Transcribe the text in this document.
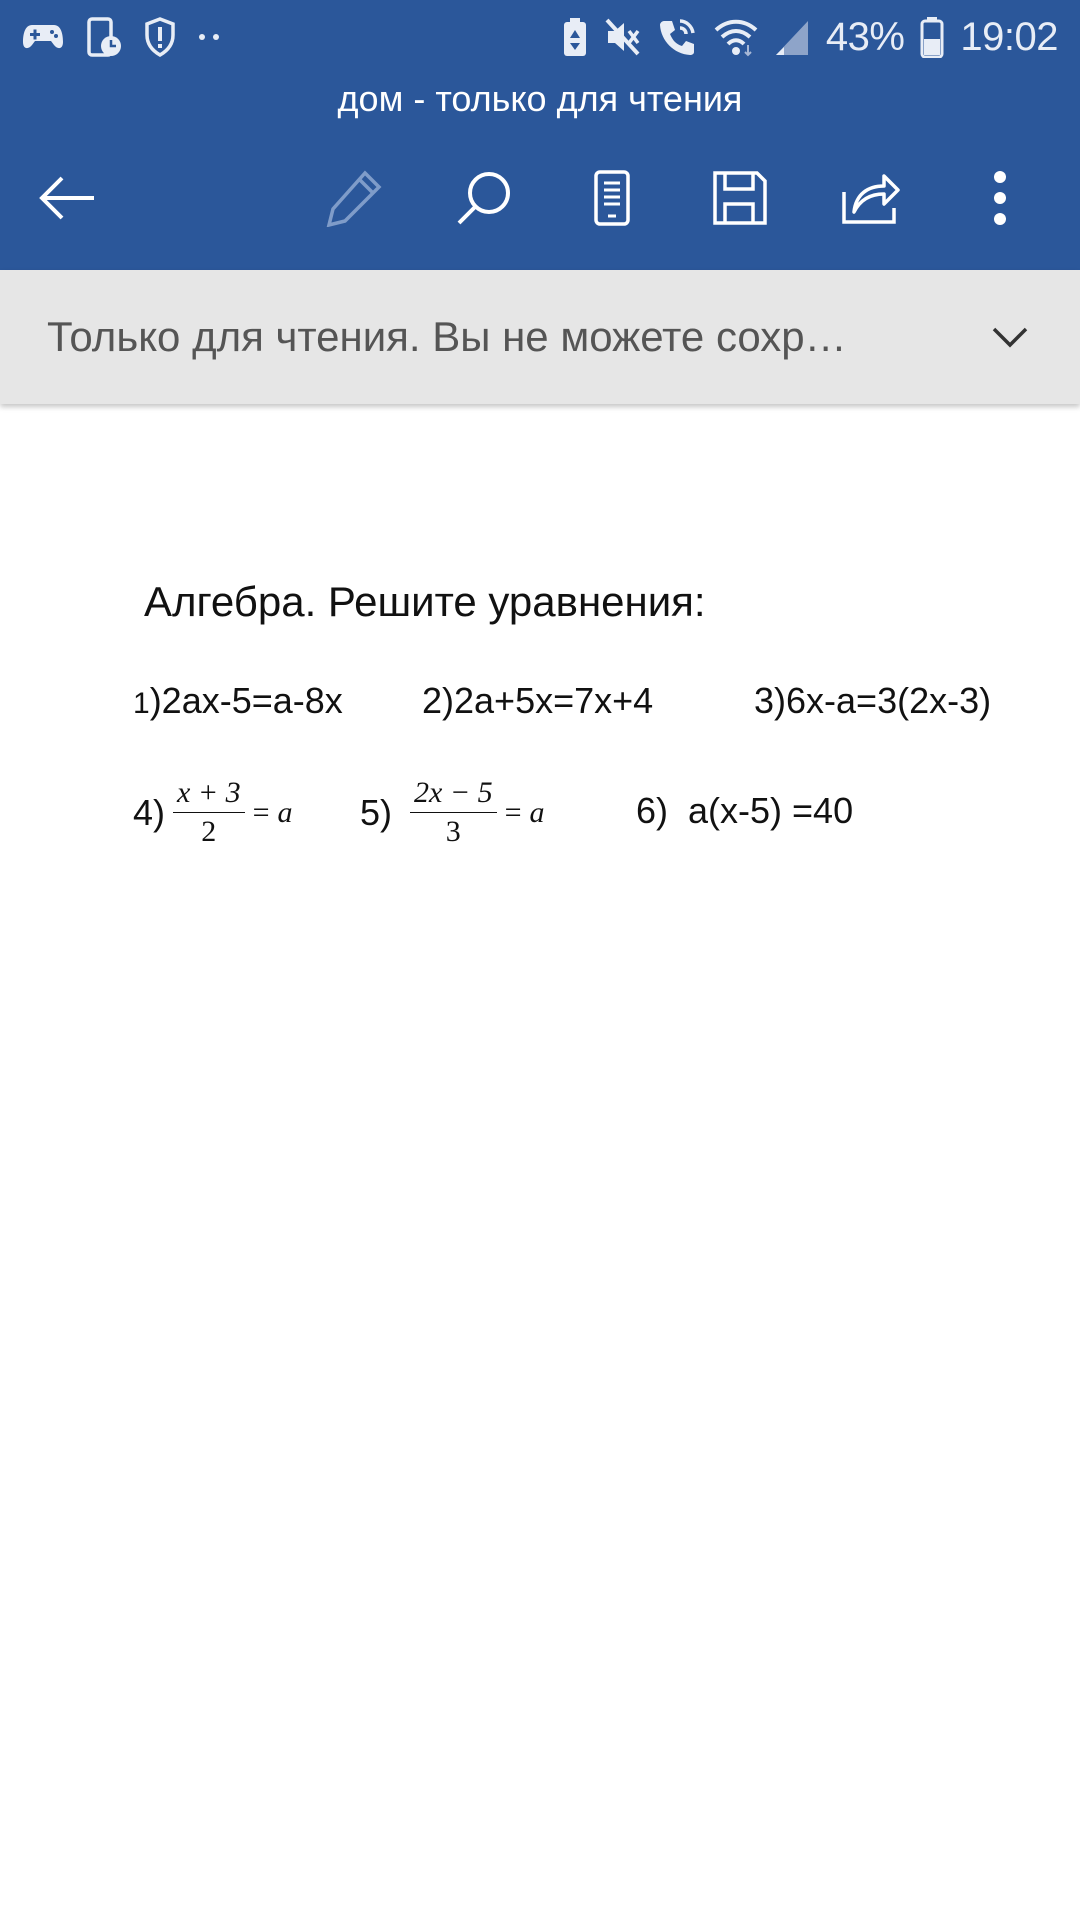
43% 19:02
дом - только для чтения
Только для чтения. Вы не можете сохр…
Алгебра. Решите уравнения:
1)2ах-5=а-8х 2)2а+5х=7х+4	3)6х-а=3(2х-3)
$4) \frac{x + 3}{2} = a$ $5) \frac{2x - 5}{3} = a$	6)  а(х-5) =40
